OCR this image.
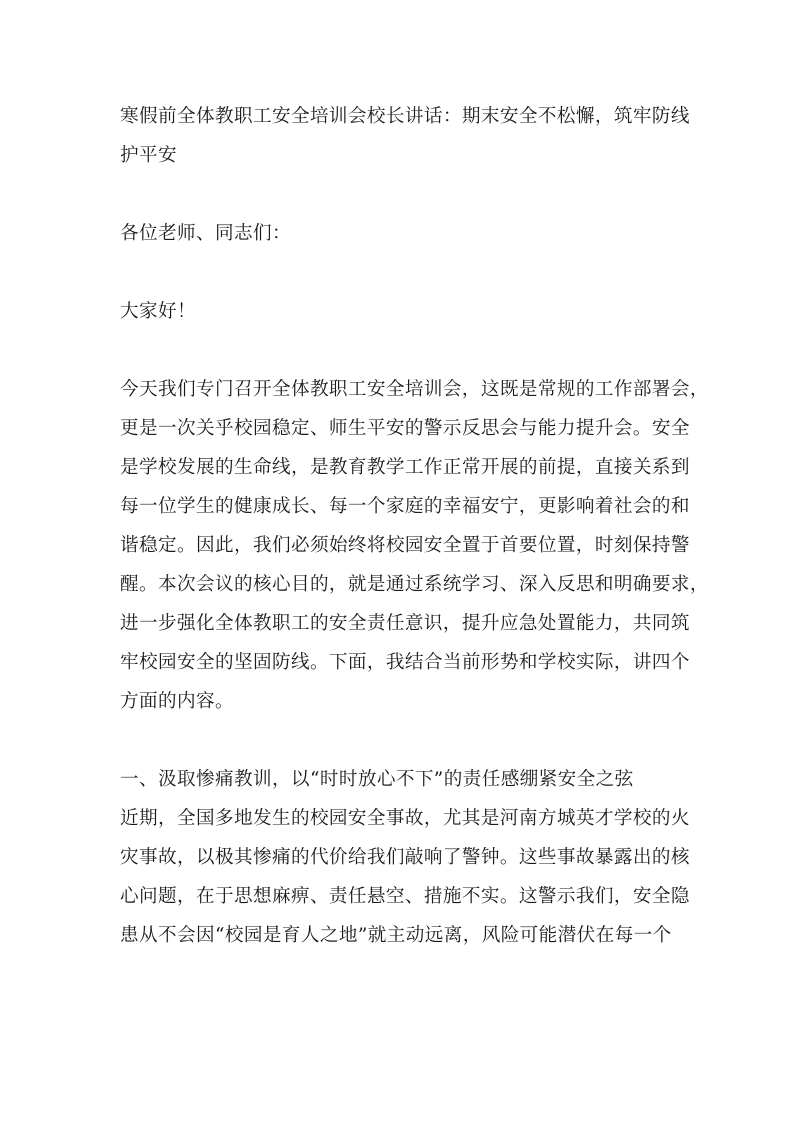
寒假前全体教职工安全培训会校长讲话：期末安全不松懈，筑牢防线
护平安
各位老师、同志们：
大家好！
今天我们专门召开全体教职工安全培训会，这既是常规的工作部署会，
更是一次关乎校园稳定、师生平安的警示反思会与能力提升会。安全
是学校发展的生命线，是教育教学工作正常开展的前提，直接关系到
每一位学生的健康成长、每一个家庭的幸福安宁，更影响着社会的和
谐稳定。因此，我们必须始终将校园安全置于首要位置，时刻保持警
醒。本次会议的核心目的，就是通过系统学习、深入反思和明确要求，
进一步强化全体教职工的安全责任意识，提升应急处置能力，共同筑
牢校园安全的坚固防线。下面，我结合当前形势和学校实际，讲四个
方面的内容。
一、汲取惨痛教训，以“时时放心不下”的责任感绷紧安全之弦
近期，全国多地发生的校园安全事故，尤其是河南方城英才学校的火
灾事故，以极其惨痛的代价给我们敲响了警钟。这些事故暴露出的核
心问题，在于思想麻痹、责任悬空、措施不实。这警示我们，安全隐
患从不会因“校园是育人之地”就主动远离，风险可能潜伏在每一个
